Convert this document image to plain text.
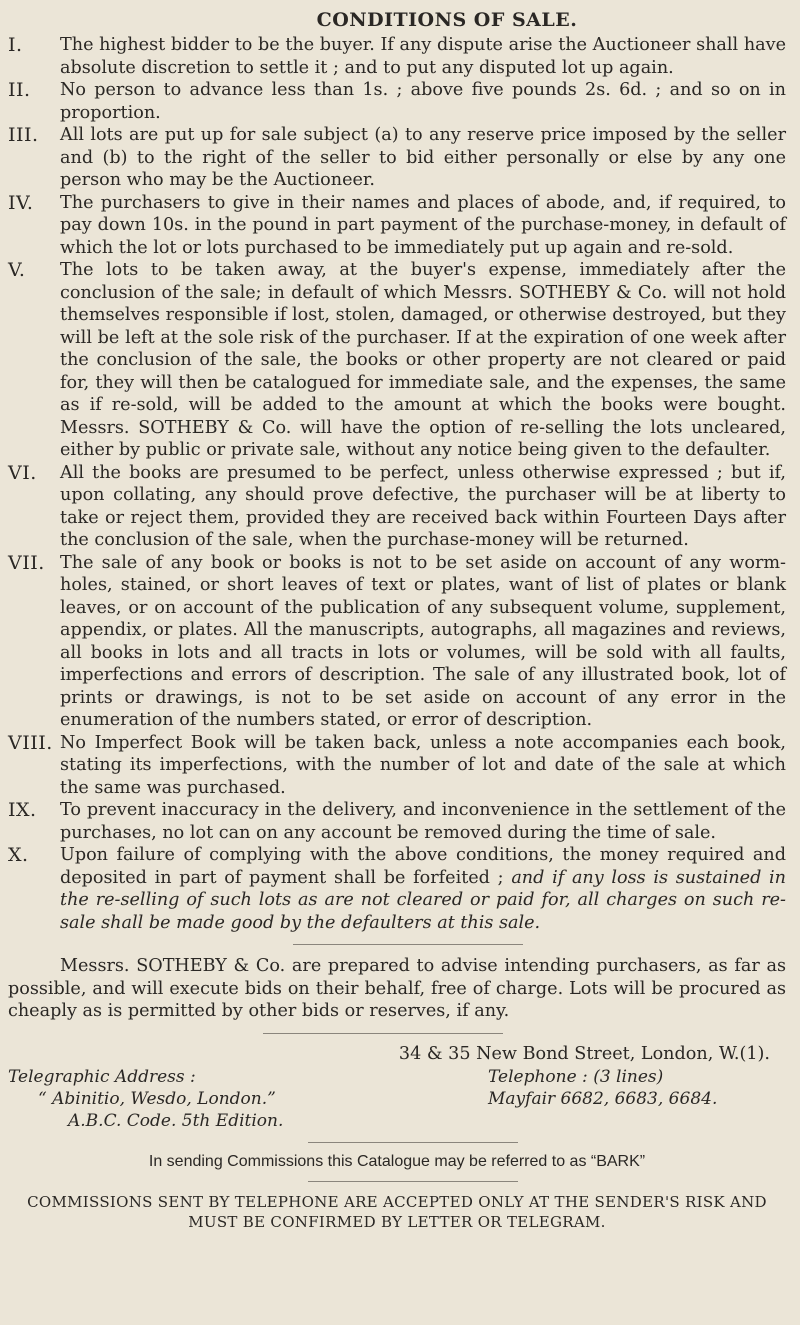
CONDITIONS OF SALE.
I.	The highest bidder to be the buyer. If any dispute arise the Auctioneer shall have absolute discretion to settle it ; and to put any disputed lot up again.
II.	No person to advance less than 1s. ; above five pounds 2s. 6d. ; and so on in proportion.
III.	All lots are put up for sale subject (a) to any reserve price imposed by the seller and (b) to the right of the seller to bid either personally or else by any one person who may be the Auctioneer.
IV.	The purchasers to give in their names and places of abode, and, if required, to pay down 10s. in the pound in part payment of the purchase-money, in default of which the lot or lots purchased to be immediately put up again and re-sold.
V.	The lots to be taken away, at the buyer's expense, immediately after the conclusion of the sale; in default of which Messrs. SOTHEBY & Co. will not hold themselves responsible if lost, stolen, damaged, or otherwise destroyed, but they will be left at the sole risk of the purchaser. If at the expiration of one week after the conclusion of the sale, the books or other property are not cleared or paid for, they will then be catalogued for immediate sale, and the expenses, the same as if re-sold, will be added to the amount at which the books were bought. Messrs. SOTHEBY & Co. will have the option of re-selling the lots uncleared, either by public or private sale, without any notice being given to the defaulter.
VI.	All the books are presumed to be perfect, unless otherwise expressed ; but if, upon collating, any should prove defective, the purchaser will be at liberty to take or reject them, provided they are received back within Fourteen Days after the conclusion of the sale, when the purchase-money will be returned.
VII. The sale of any book or books is not to be set aside on account of any worm-holes, stained, or short leaves of text or plates, want of list of plates or blank leaves, or on account of the publication of any subsequent volume, supplement, appendix, or plates. All the manuscripts, autographs, all magazines and reviews, all books in lots and all tracts in lots or volumes, will be sold with all faults, imperfections and errors of description. The sale of any illustrated book, lot of prints or drawings, is not to be set aside on account of any error in the enumeration of the numbers stated, or error of description.
VIII. No Imperfect Book will be taken back, unless a note accompanies each book, stating its imperfections, with the number of lot and date of the sale at which the same was purchased.
IX.	To prevent inaccuracy in the delivery, and inconvenience in the settlement of the purchases, no lot can on any account be removed during the time of sale.
X.	Upon failure of complying with the above conditions, the money required and deposited in part of payment shall be forfeited ; and if any loss is sustained in the re-selling of such lots as are not cleared or paid for, all charges on such re-sale shall be made good by the defaulters at this sale.

Messrs. SOTHEBY & Co. are prepared to advise intending purchasers, as far as possible, and will execute bids on their behalf, free of charge. Lots will be procured as cheaply as is permitted by other bids or reserves, if any.

34 & 35 New Bond Street, London, W.(1).
Telegraphic Address :
“ Abinitio, Wesdo, London.”
A.B.C. Code. 5th Edition.
Telephone : (3 lines)
Mayfair 6682, 6683, 6684.
In sending Commissions this Catalogue may be referred to as “BARK”
COMMISSIONS SENT BY TELEPHONE ARE ACCEPTED ONLY AT THE SENDER'S RISK AND MUST BE CONFIRMED BY LETTER OR TELEGRAM.
